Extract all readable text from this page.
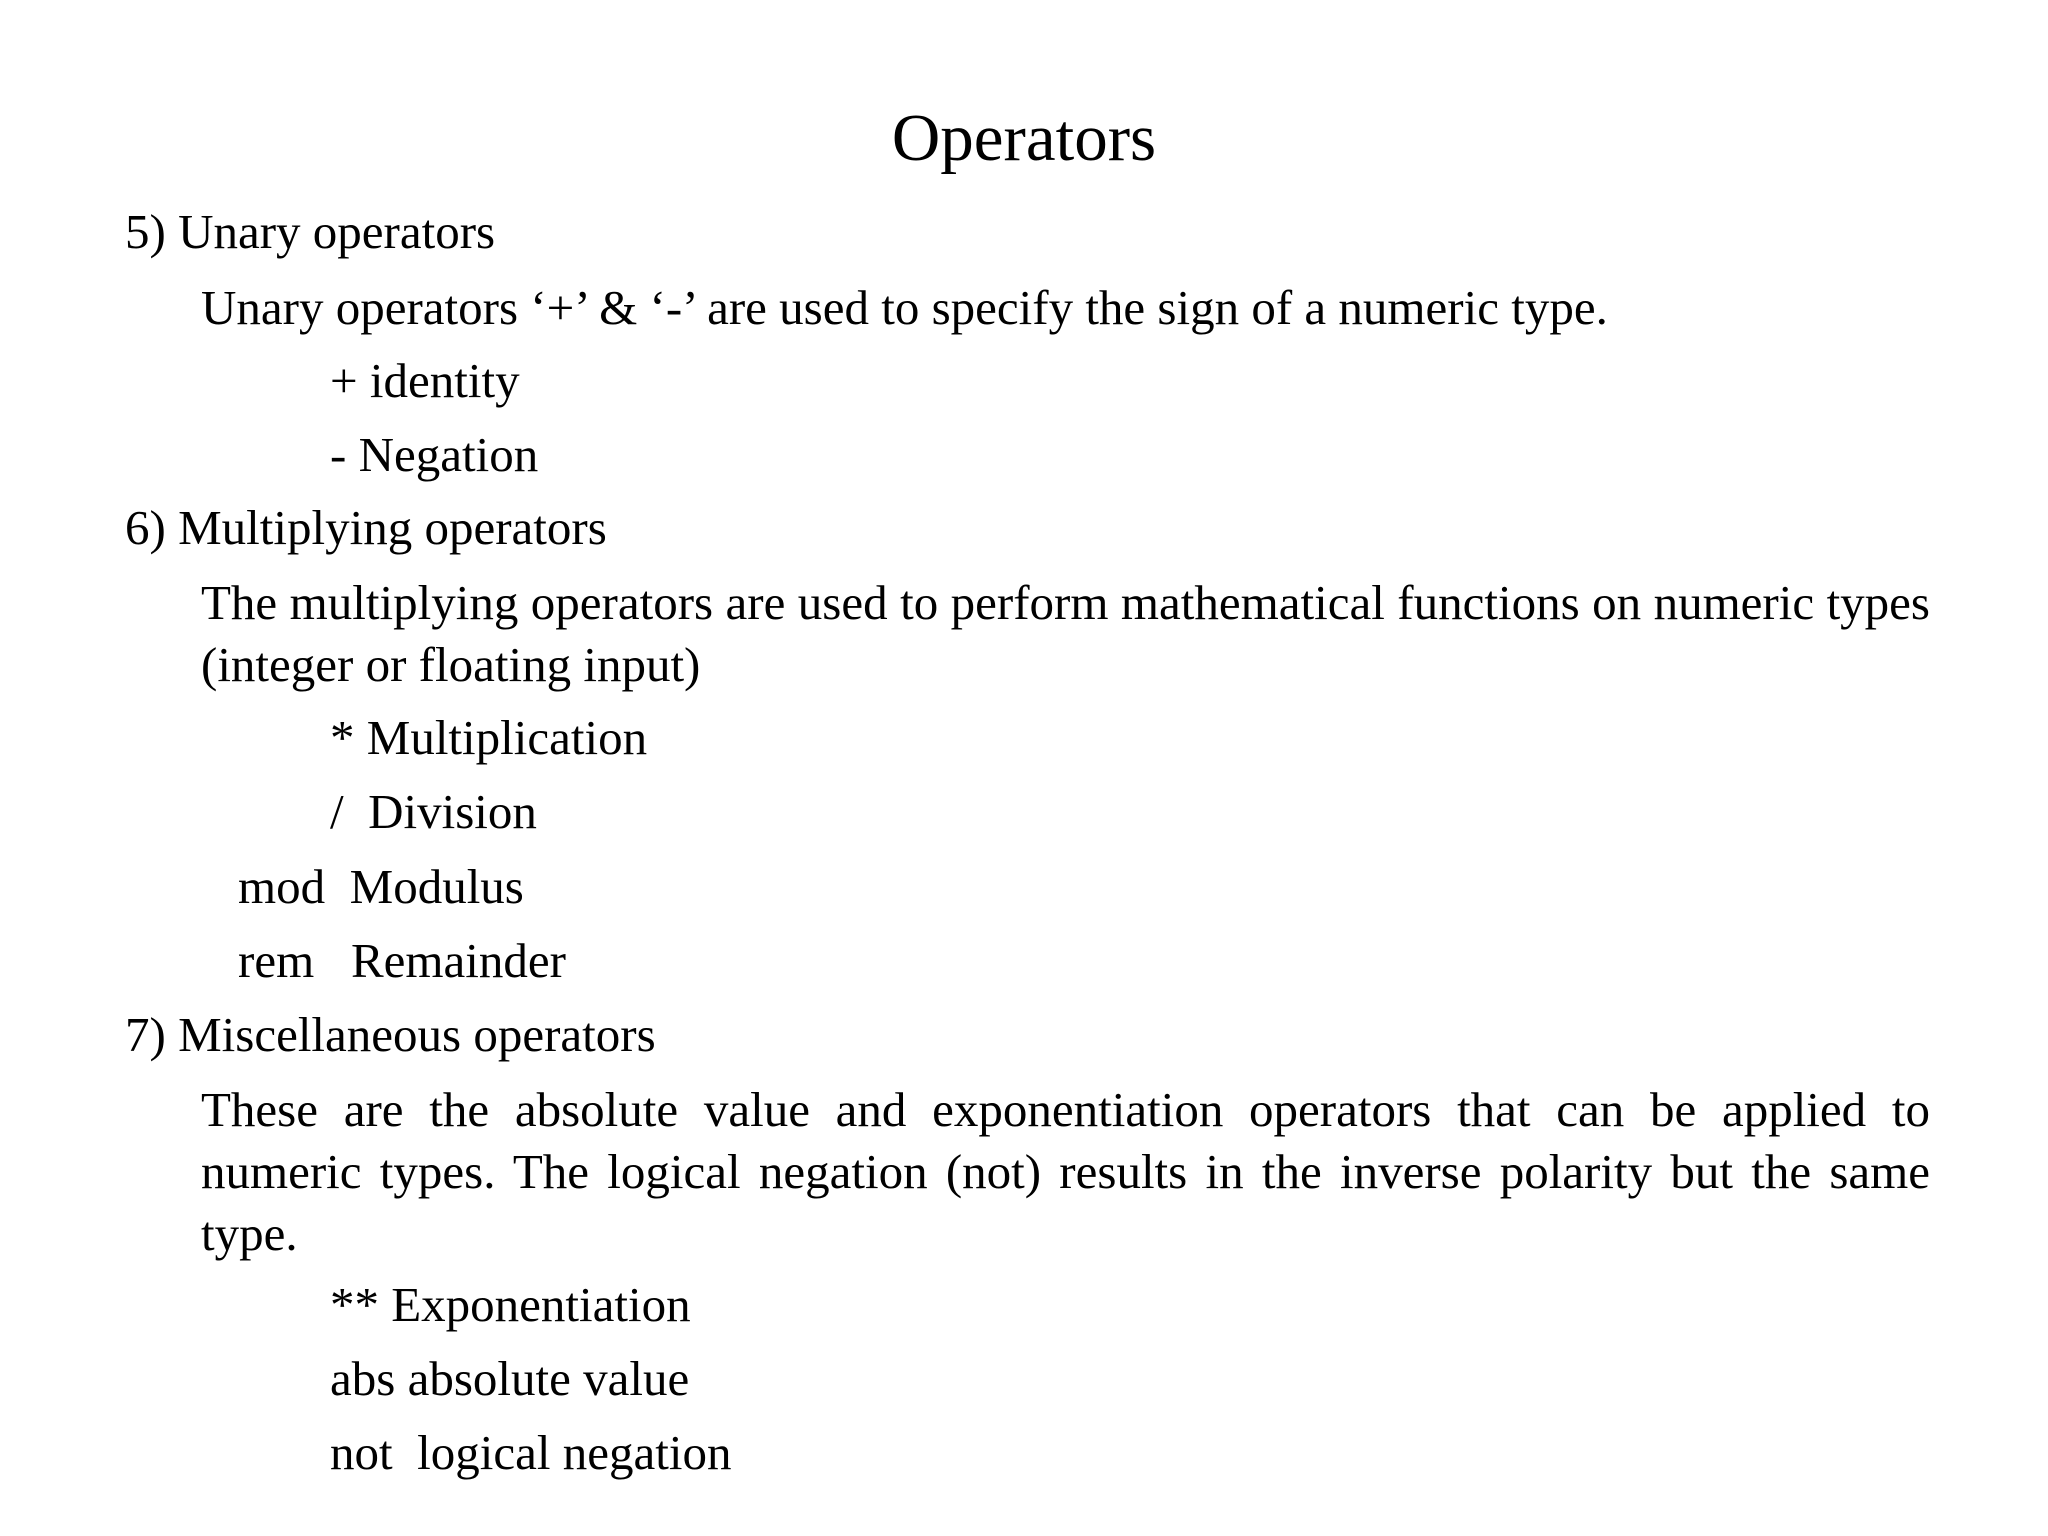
Operators
5) Unary operators
Unary operators ‘+’ & ‘-’ are used to specify the sign of a numeric type.
+ identity
- Negation
6) Multiplying operators
The multiplying operators are used to perform mathematical functions on numeric types (integer or floating input)
* Multiplication
/ Division
mod Modulus
rem Remainder
7) Miscellaneous operators
These are the absolute value and exponentiation operators that can be applied to numeric types. The logical negation (not) results in the inverse polarity but the same type.
** Exponentiation
abs absolute value
not logical negation
